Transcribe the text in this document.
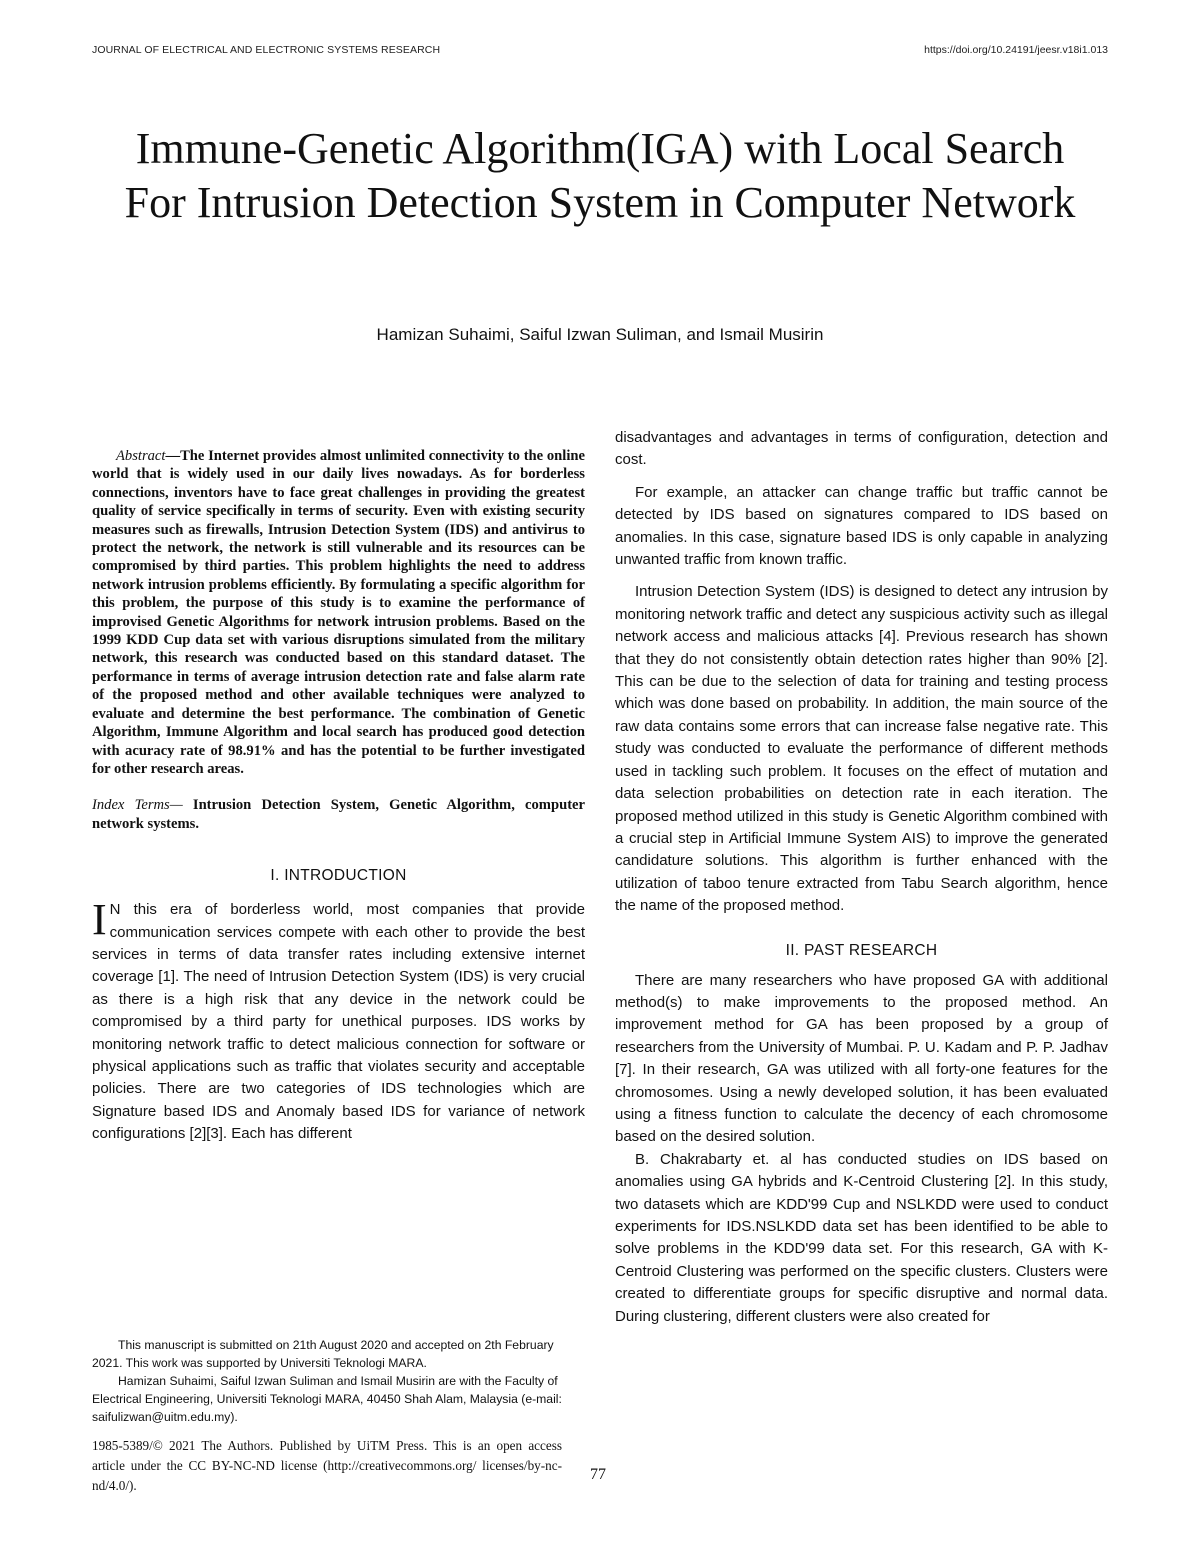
JOURNAL OF ELECTRICAL AND ELECTRONIC SYSTEMS RESEARCH	https://doi.org/10.24191/jeesr.v18i1.013
Immune-Genetic Algorithm(IGA) with Local Search For Intrusion Detection System in Computer Network
Hamizan Suhaimi, Saiful Izwan Suliman, and Ismail Musirin

Abstract—The Internet provides almost unlimited connectivity to the online world that is widely used in our daily lives nowadays. As for borderless connections, inventors have to face great challenges in providing the greatest quality of service specifically in terms of security. Even with existing security measures such as firewalls, Intrusion Detection System (IDS) and antivirus to protect the network, the network is still vulnerable and its resources can be compromised by third parties. This problem highlights the need to address network intrusion problems efficiently. By formulating a specific algorithm for this problem, the purpose of this study is to examine the performance of improvised Genetic Algorithms for network intrusion problems. Based on the 1999 KDD Cup data set with various disruptions simulated from the military network, this research was conducted based on this standard dataset. The performance in terms of average intrusion detection rate and false alarm rate of the proposed method and other available techniques were analyzed to evaluate and determine the best performance. The combination of Genetic Algorithm, Immune Algorithm and local search has produced good detection with acuracy rate of 98.91% and has the potential to be further investigated for other research areas.

Index Terms— Intrusion Detection System, Genetic Algorithm, computer network systems.

I. INTRODUCTION

I N this era of borderless world, most companies that provide communication services compete with each other to provide the best services in terms of data transfer rates including extensive internet coverage [1]. The need of Intrusion Detection System (IDS) is very crucial as there is a high risk that any device in the network could be compromised by a third party for unethical purposes. IDS works by monitoring network traffic to detect malicious connection for software or physical applications such as traffic that violates security and acceptable policies. There are two categories of IDS technologies which are Signature based IDS and Anomaly based IDS for variance of network configurations [2][3]. Each has different

disadvantages and advantages in terms of configuration, detection and cost.

For example, an attacker can change traffic but traffic cannot be detected by IDS based on signatures compared to IDS based on anomalies. In this case, signature based IDS is only capable in analyzing unwanted traffic from known traffic.

Intrusion Detection System (IDS) is designed to detect any intrusion by monitoring network traffic and detect any suspicious activity such as illegal network access and malicious attacks [4]. Previous research has shown that they do not consistently obtain detection rates higher than 90% [2]. This can be due to the selection of data for training and testing process which was done based on probability. In addition, the main source of the raw data contains some errors that can increase false negative rate. This study was conducted to evaluate the performance of different methods used in tackling such problem. It focuses on the effect of mutation and data selection probabilities on detection rate in each iteration. The proposed method utilized in this study is Genetic Algorithm combined with a crucial step in Artificial Immune System AIS) to improve the generated candidature solutions. This algorithm is further enhanced with the utilization of taboo tenure extracted from Tabu Search algorithm, hence the name of the proposed method.

II. PAST RESEARCH

There are many researchers who have proposed GA with additional method(s) to make improvements to the proposed method. An improvement method for GA has been proposed by a group of researchers from the University of Mumbai. P. U. Kadam and P. P. Jadhav [7]. In their research, GA was utilized with all forty-one features for the chromosomes. Using a newly developed solution, it has been evaluated using a fitness function to calculate the decency of each chromosome based on the desired solution.

B. Chakrabarty et. al has conducted studies on IDS based on anomalies using GA hybrids and K-Centroid Clustering [2]. In this study, two datasets which are KDD'99 Cup and NSLKDD were used to conduct experiments for IDS.NSLKDD data set has been identified to be able to solve problems in the KDD'99 data set. For this research, GA with K-Centroid Clustering was performed on the specific clusters. Clusters were created to differentiate groups for specific disruptive and normal data. During clustering, different clusters were also created for

This manuscript is submitted on 21th August 2020 and accepted on 2th February 2021. This work was supported by Universiti Teknologi MARA.

Hamizan Suhaimi, Saiful Izwan Suliman and Ismail Musirin are with the Faculty of Electrical Engineering, Universiti Teknologi MARA, 40450 Shah Alam, Malaysia (e-mail: saifulizwan@uitm.edu.my).

1985-5389/© 2021 The Authors. Published by UiTM Press. This is an open access article under the CC BY-NC-ND license (http://creativecommons.org/ licenses/by-nc-nd/4.0/).
77
